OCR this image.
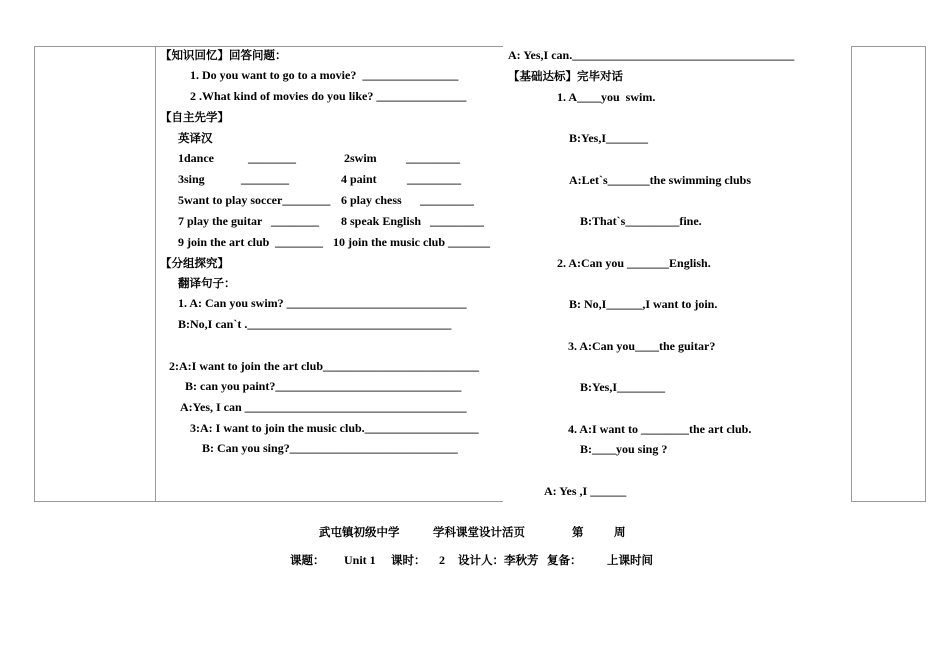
【知识回忆】回答问题：
1. Do you want to go to a movie?  ________________
2 .What kind of movies do you like? _______________
【自主先学】
英译汉
1dance	________	2swim _________
3sing	________	4 paint	_________
5want to play soccer________ 6 play chess _________
7 play the guitar ________ 8 speak English _________
9 join the art club ________ 10 join the music club _______
【分组探究】
翻译句子：
1. A: Can you swim? ______________________________
B:No,I can`t .__________________________________
2:A:I want to join the art club__________________________
B: can you paint?_______________________________
A:Yes, I can _____________________________________
3:A: I want to join the music club.___________________
B: Can you sing?____________________________
A: Yes,I can._____________________________________
【基础达标】完毕对话
1. A____you  swim.
B:Yes,I_______
A:Let`s_______the swimming clubs
B:That`s_________fine.
2. A:Can you _______English.
B: No,I______,I want to join.
3. A:Can you____the guitar?
B:Yes,I________
4. A:I want to ________the art club.
B:____you sing ?
A: Yes ,I ______
武屯镇初级中学	学科课堂设计活页	第	周
课题： Unit 1 课时： 2 设计人：李秋芳 复备： 上课时间
